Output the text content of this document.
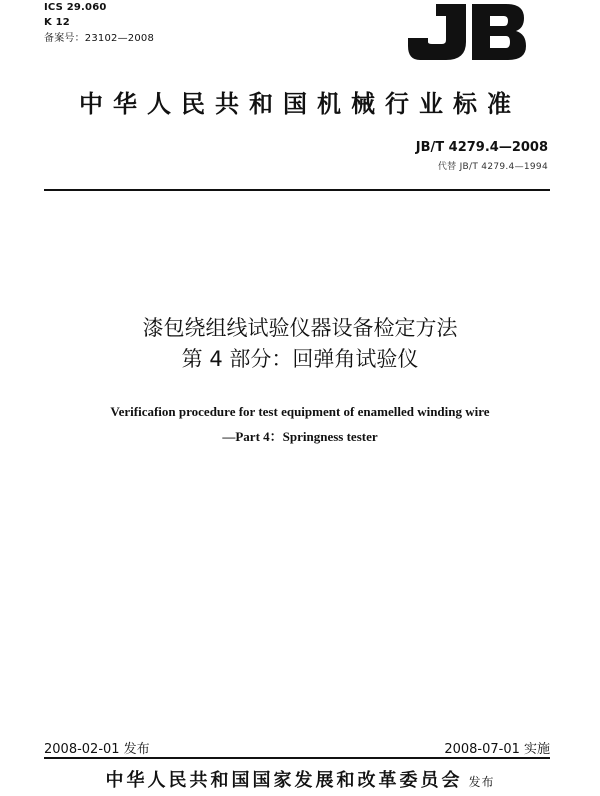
ICS 29.060
K 12
备案号：23102—2008	JB
中华人民共和国机械行业标准
JB/T 4279.4—2008
代替 JB/T 4279.4—1994
漆包绕组线试验仪器设备检定方法
第 4 部分：回弹角试验仪
Verificafion procedure for test equipment of enamelled winding wire
—Part 4：Springness tester
2008-02-01 发布	2008-07-01 实施
中华人民共和国国家发展和改革委员会 发布
